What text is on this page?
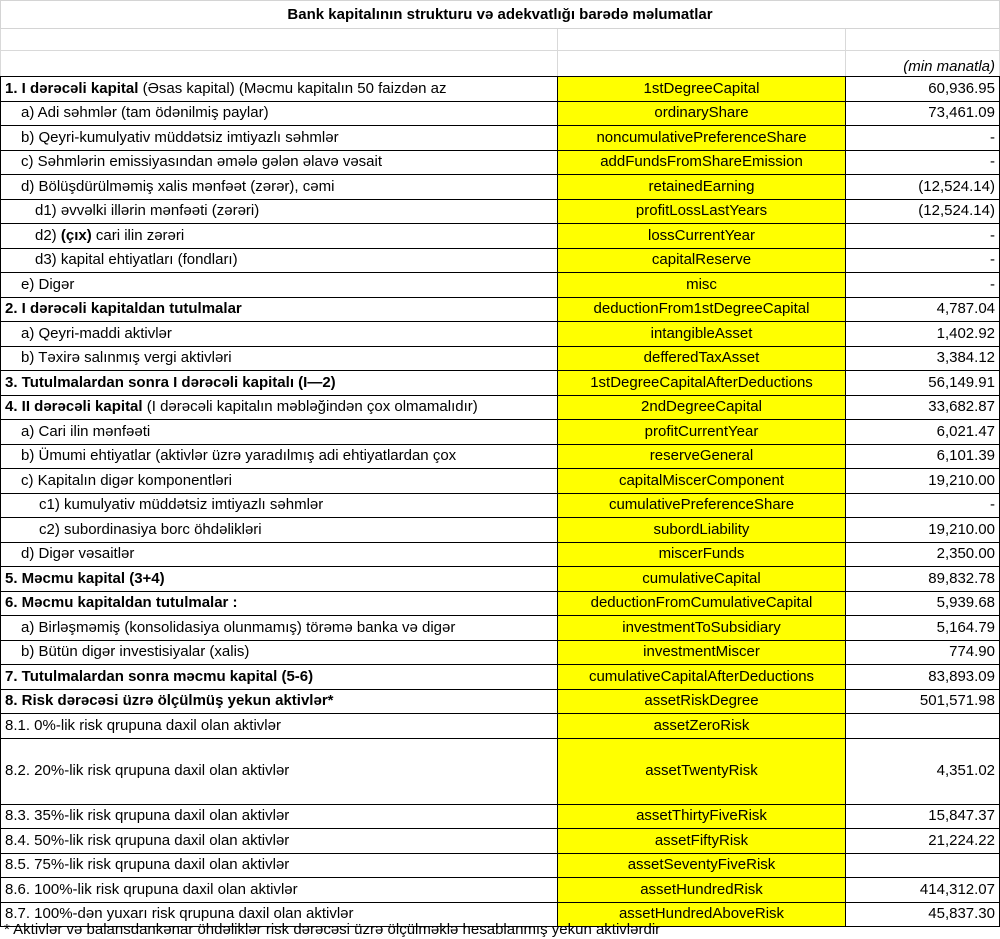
Bank kapitalının strukturu və adekvatlığı barədə məlumatlar		

		(min manatla)
1. I dərəcəli kapital (Əsas kapital) (Məcmu kapitalın 50 faizdən az	1stDegreeCapital	60,936.95
a) Adi səhmlər (tam ödənilmiş paylar)	ordinaryShare	73,461.09
b) Qeyri-kumulyativ müddətsiz imtiyazlı səhmlər	noncumulativePreferenceShare	-
c) Səhmlərin emissiyasından əmələ gələn əlavə vəsait	addFundsFromShareEmission	-
d) Bölüşdürülməmiş xalis mənfəət (zərər), cəmi	retainedEarning	(12,524.14)
d1) əvvəlki illərin mənfəəti (zərəri)	profitLossLastYears	(12,524.14)
d2) (çıx) cari ilin zərəri	lossCurrentYear	-
d3) kapital ehtiyatları (fondları)	capitalReserve	-
e) Digər	misc	-
2. I dərəcəli kapitaldan tutulmalar	deductionFrom1stDegreeCapital	4,787.04
a) Qeyri-maddi aktivlər	intangibleAsset	1,402.92
b) Təxirə salınmış vergi aktivləri	defferedTaxAsset	3,384.12
3. Tutulmalardan sonra I dərəcəli kapitalı (I—2)	1stDegreeCapitalAfterDeductions	56,149.91
4. II dərəcəli kapital (I dərəcəli kapitalın məbləğindən çox olmamalıdır)	2ndDegreeCapital	33,682.87
a) Cari ilin mənfəəti	profitCurrentYear	6,021.47
b) Ümumi ehtiyatlar (aktivlər üzrə yaradılmış adi ehtiyatlardan çox	reserveGeneral	6,101.39
c) Kapitalın digər komponentləri	capitalMiscerComponent	19,210.00
c1) kumulyativ müddətsiz imtiyazlı səhmlər	cumulativePreferenceShare	-
c2) subordinasiya borc öhdəlikləri	subordLiability	19,210.00
d) Digər vəsaitlər	miscerFunds	2,350.00
5. Məcmu kapital (3+4)	cumulativeCapital	89,832.78
6. Məcmu kapitaldan tutulmalar :	deductionFromCumulativeCapital	5,939.68
a) Birləşməmiş (konsolidasiya olunmamış) törəmə banka və digər	investmentToSubsidiary	5,164.79
b) Bütün digər investisiyalar (xalis)	investmentMiscer	774.90
7. Tutulmalardan sonra məcmu kapital (5-6)	cumulativeCapitalAfterDeductions	83,893.09
8. Risk dərəcəsi üzrə ölçülmüş yekun aktivlər*	assetRiskDegree	501,571.98
8.1. 0%-lik risk qrupuna daxil olan aktivlər	assetZeroRisk	
8.2. 20%-lik risk qrupuna daxil olan aktivlər	assetTwentyRisk	4,351.02
8.3. 35%-lik risk qrupuna daxil olan aktivlər	assetThirtyFiveRisk	15,847.37
8.4. 50%-lik risk qrupuna daxil olan aktivlər	assetFiftyRisk	21,224.22
8.5. 75%-lik risk qrupuna daxil olan aktivlər	assetSeventyFiveRisk	
8.6. 100%-lik risk qrupuna daxil olan aktivlər	assetHundredRisk	414,312.07
8.7. 100%-dən yuxarı risk qrupuna daxil olan aktivlər	assetHundredAboveRisk	45,837.30
* Aktivlər və balansdankənar öhdəliklər risk dərəcəsi üzrə ölçülməklə hesablanmış yekun aktivlərdir
